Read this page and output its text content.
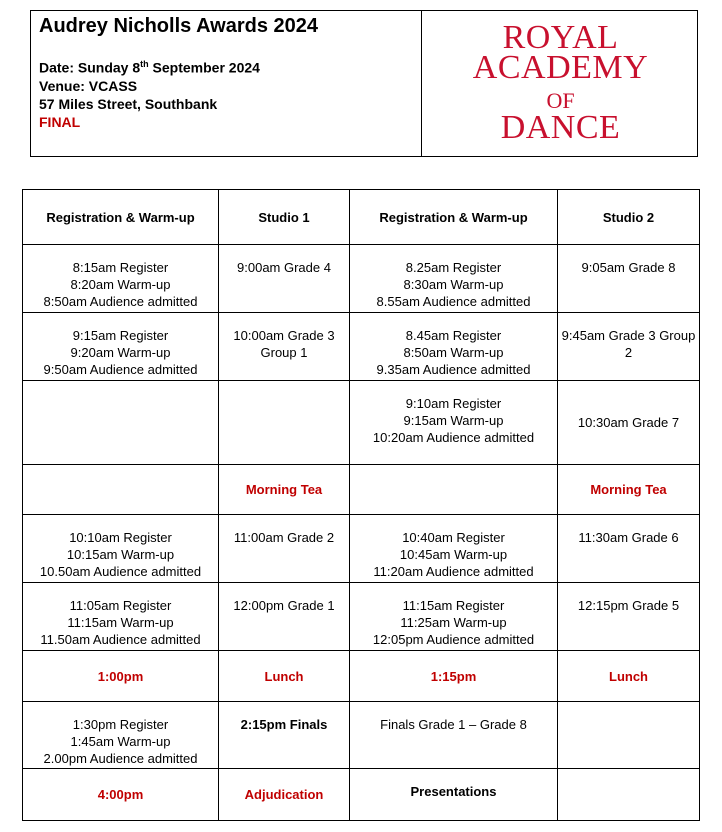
Audrey Nicholls Awards 2024
Date: Sunday 8th September 2024
Venue: VCASS
57 Miles Street, Southbank
FINAL
ROYAL
ACADEMY
OF
DANCE
Registration & Warm-up	Studio 1	Registration & Warm-up	Studio 2

8:15am Register
8:20am Warm-up
8:50am Audience admitted	9:00am Grade 4	8.25am Register
8:30am Warm-up
8.55am Audience admitted	9:05am Grade 8

9:15am Register
9:20am Warm-up
9:50am Audience admitted	10:00am Grade 3
Group 1	8.45am Register
8:50am Warm-up
9.35am Audience admitted	9:45am Grade 3 Group
2

		9:10am Register
9:15am Warm-up
10:20am Audience admitted	10:30am Grade 7

	Morning Tea		Morning Tea

10:10am Register
10:15am Warm-up
10.50am Audience admitted	11:00am Grade 2	10:40am Register
10:45am Warm-up
11:20am Audience admitted	11:30am Grade 6

11:05am Register
11:15am Warm-up
11.50am Audience admitted	12:00pm Grade 1	11:15am Register
11:25am Warm-up
12:05pm Audience admitted	12:15pm Grade 5

1:00pm	Lunch	1:15pm	Lunch

1:30pm Register
1:45am Warm-up
2.00pm Audience admitted	2:15pm Finals	Finals Grade 1 – Grade 8	

4:00pm	Adjudication	Presentations	
